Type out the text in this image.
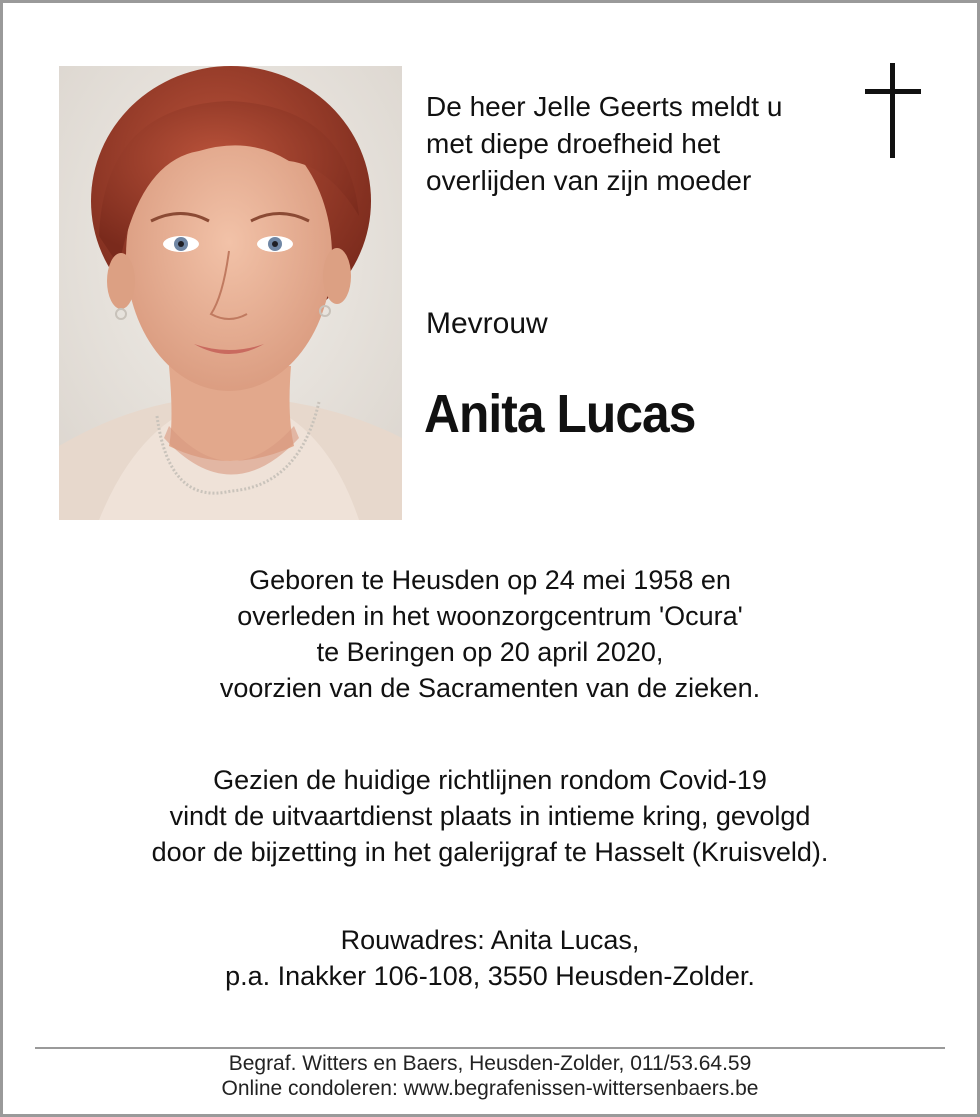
De heer Jelle Geerts meldt u
met diepe droefheid het
overlijden van zijn moeder
Mevrouw
Anita Lucas
Geboren te Heusden op 24 mei 1958 en
overleden in het woonzorgcentrum 'Ocura'
te Beringen op 20 april 2020,
voorzien van de Sacramenten van de zieken.
Gezien de huidige richtlijnen rondom Covid-19
vindt de uitvaartdienst plaats in intieme kring, gevolgd
door de bijzetting in het galerijgraf te Hasselt (Kruisveld).
Rouwadres: Anita Lucas,
p.a. Inakker 106-108, 3550 Heusden-Zolder.
Begraf. Witters en Baers, Heusden-Zolder, 011/53.64.59
Online condoleren: www.begrafenissen-wittersenbaers.be
